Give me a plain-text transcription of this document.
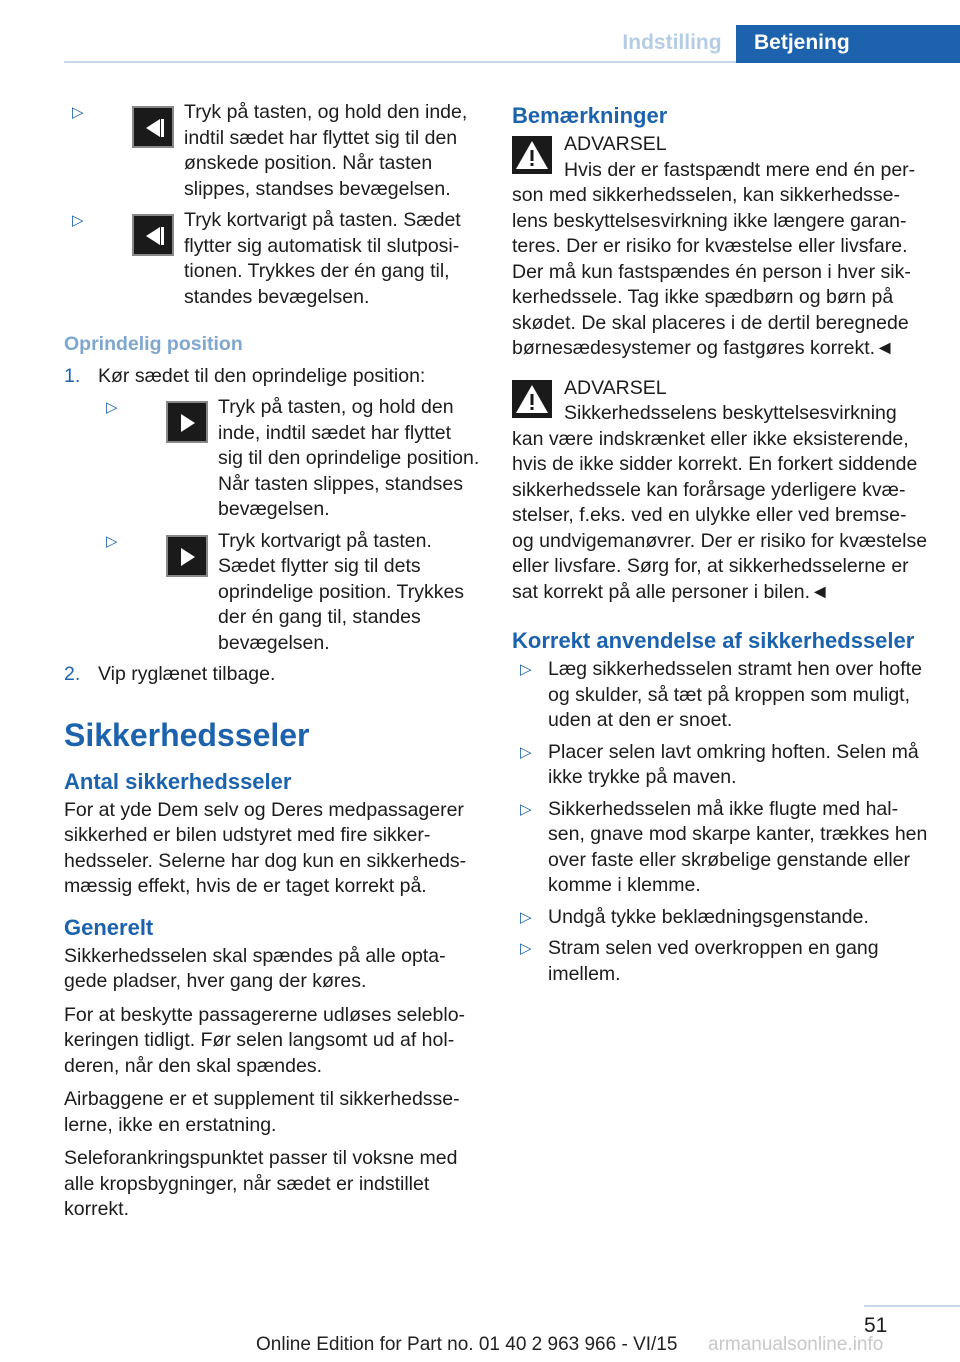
Indstilling	Betjening
▷	Tryk på tasten, og hold den inde, indtil sædet har flyttet sig til den ønskede position. Når tasten slippes, standses bevægelsen.

▷	Tryk kortvarigt på tasten. Sædet flytter sig automatisk til slutpositionen. Trykkes der én gang til, standes bevægelsen.

Oprindelig position
1. Kør sædet til den oprindelige position:

▷	Tryk på tasten, og hold den inde, indtil sædet har flyttet sig til den oprindelige position. Når tasten slippes, standses bevægelsen.

▷	Tryk kortvarigt på tasten. Sædet flytter sig til dets oprindelige position. Trykkes der én gang til, standes bevægelsen.

2. Vip ryglænet tilbage.

Sikkerhedsseler
Antal sikkerhedsseler

For at yde Dem selv og Deres medpassagerer sikkerhed er bilen udstyret med fire sikkerhedsseler. Selerne har dog kun en sikkerhedsmæssig effekt, hvis de er taget korrekt på.

Generelt

Sikkerhedsselen skal spændes på alle optagede pladser, hver gang der køres.

For at beskytte passagererne udløses seleblokeringen tidligt. Før selen langsomt ud af holderen, når den skal spændes.

Airbaggene er et supplement til sikkerhedsselerne, ikke en erstatning.

Seleforankringspunktet passer til voksne med alle kropsbygninger, når sædet er indstillet korrekt.

Bemærkninger

ADVARSEL

Hvis der er fastspændt mere end én person med sikkerhedsselen, kan sikkerhedsselens beskyttelsesvirkning ikke længere garanteres. Der er risiko for kvæstelse eller livsfare. Der må kun fastspændes én person i hver sikkerhedssele. Tag ikke spædbørn og børn på skødet. De skal placeres i de dertil beregnede børnesædesystemer og fastgøres korrekt.◄

ADVARSEL

Sikkerhedsselens beskyttelsesvirkning kan være indskrænket eller ikke eksisterende, hvis de ikke sidder korrekt. En forkert siddende sikkerhedssele kan forårsage yderligere kvæstelser, f.eks. ved en ulykke eller ved bremse- og undvigemanøvrer. Der er risiko for kvæstelse eller livsfare. Sørg for, at sikkerhedsselerne er sat korrekt på alle personer i bilen.◄

Korrekt anvendelse af sikkerhedsseler
▷ Læg sikkerhedsselen stramt hen over hofte og skulder, så tæt på kroppen som muligt, uden at den er snoet.

▷ Placer selen lavt omkring hoften. Selen må ikke trykke på maven.

▷ Sikkerhedsselen må ikke flugte med halsen, gnave mod skarpe kanter, trækkes hen over faste eller skrøbelige genstande eller komme i klemme.

▷ Undgå tykke beklædningsgenstande.

▷ Stram selen ved overkroppen en gang imellem.

51
Online Edition for Part no. 01 40 2 963 966 - VI/15 armanualsonline.info
